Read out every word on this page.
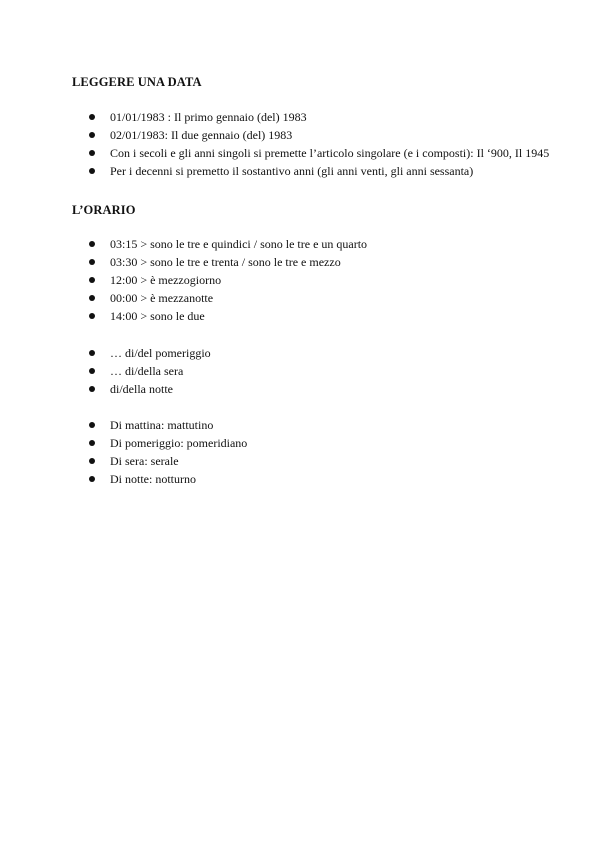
LEGGERE UNA DATA
01/01/1983 : Il primo gennaio (del) 1983
02/01/1983: Il due gennaio (del) 1983
Con i secoli e gli anni singoli si premette l’articolo singolare (e i composti): Il ‘900, Il 1945
Per i decenni si premetto il sostantivo anni (gli anni venti, gli anni sessanta)
L’ORARIO
03:15 > sono le tre e quindici / sono le tre e un quarto
03:30 > sono le tre e trenta / sono le tre e mezzo
12:00 > è mezzogiorno
00:00 > è mezzanotte
14:00 > sono le due
… di/del pomeriggio
… di/della sera
di/della notte
Di mattina: mattutino
Di pomeriggio: pomeridiano
Di sera: serale
Di notte: notturno
